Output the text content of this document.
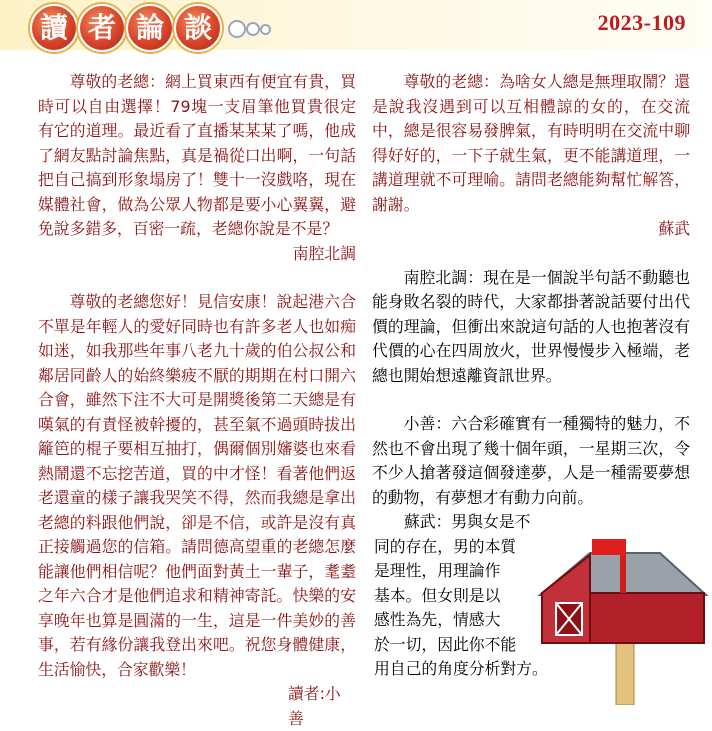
讀 者 論 談	2023-109

尊敬的老總：網上買東西有便宜有貴，買時可以自由選擇！79塊一支眉筆他買貴很定有它的道理。最近看了直播某某某了嗎，他成了網友點討論焦點，真是禍從口出啊，一句話把自己搞到形象塌房了！雙十一沒戲咯，現在媒體社會，做為公眾人物都是要小心翼翼，避免說多錯多，百密一疏，老總你說是不是？

南腔北調

尊敬的老總您好！見信安康！說起港六合不單是年輕人的愛好同時也有許多老人也如痴如迷，如我那些年事八老九十歲的伯公叔公和鄰居同齡人的始終樂疲不厭的期期在村口開六合會，雖然下注不大可是開獎後第二天總是有嘆氣的有責怪被幹擾的，甚至氣不過頭時拔出籬笆的棍子要相互抽打，偶爾個別嬸婆也來看熱鬧還不忘挖苦道，買的中才怪！看著他們返老還童的樣子讓我哭笑不得，然而我總是拿出老總的料跟他們說，卻是不信，或許是沒有真正接觸過您的信箱。請問德高望重的老總怎麼能讓他們相信呢？他們面對黃土一輩子，耄耋之年六合才是他們追求和精神寄託。快樂的安享晚年也算是圓滿的一生，這是一件美妙的善事，若有緣份讓我登出來吧。祝您身體健康，生活愉快，合家歡樂！

讀者:小善

尊敬的老總：為啥女人總是無理取鬧？還是說我沒遇到可以互相體諒的女的，在交流中，總是很容易發脾氣，有時明明在交流中聊得好好的，一下子就生氣，更不能講道理，一講道理就不可理喻。請問老總能夠幫忙解答，謝謝。

蘇武

南腔北調：現在是一個說半句話不動聽也能身敗名裂的時代，大家都掛著說話要付出代價的理論，但衝出來說這句話的人也抱著沒有代價的心在四周放火，世界慢慢步入極端，老總也開始想遠離資訊世界。

小善：六合彩確實有一種獨特的魅力，不然也不會出現了幾十個年頭，一星期三次，令不少人搶著發這個發達夢，人是一種需要夢想的動物，有夢想才有動力向前。

蘇武：男與女是不
同的存在，男的本質
是理性，用理論作
基本。但女則是以
感性為先，情感大
於一切，因此你不能
用自己的角度分析對方。
